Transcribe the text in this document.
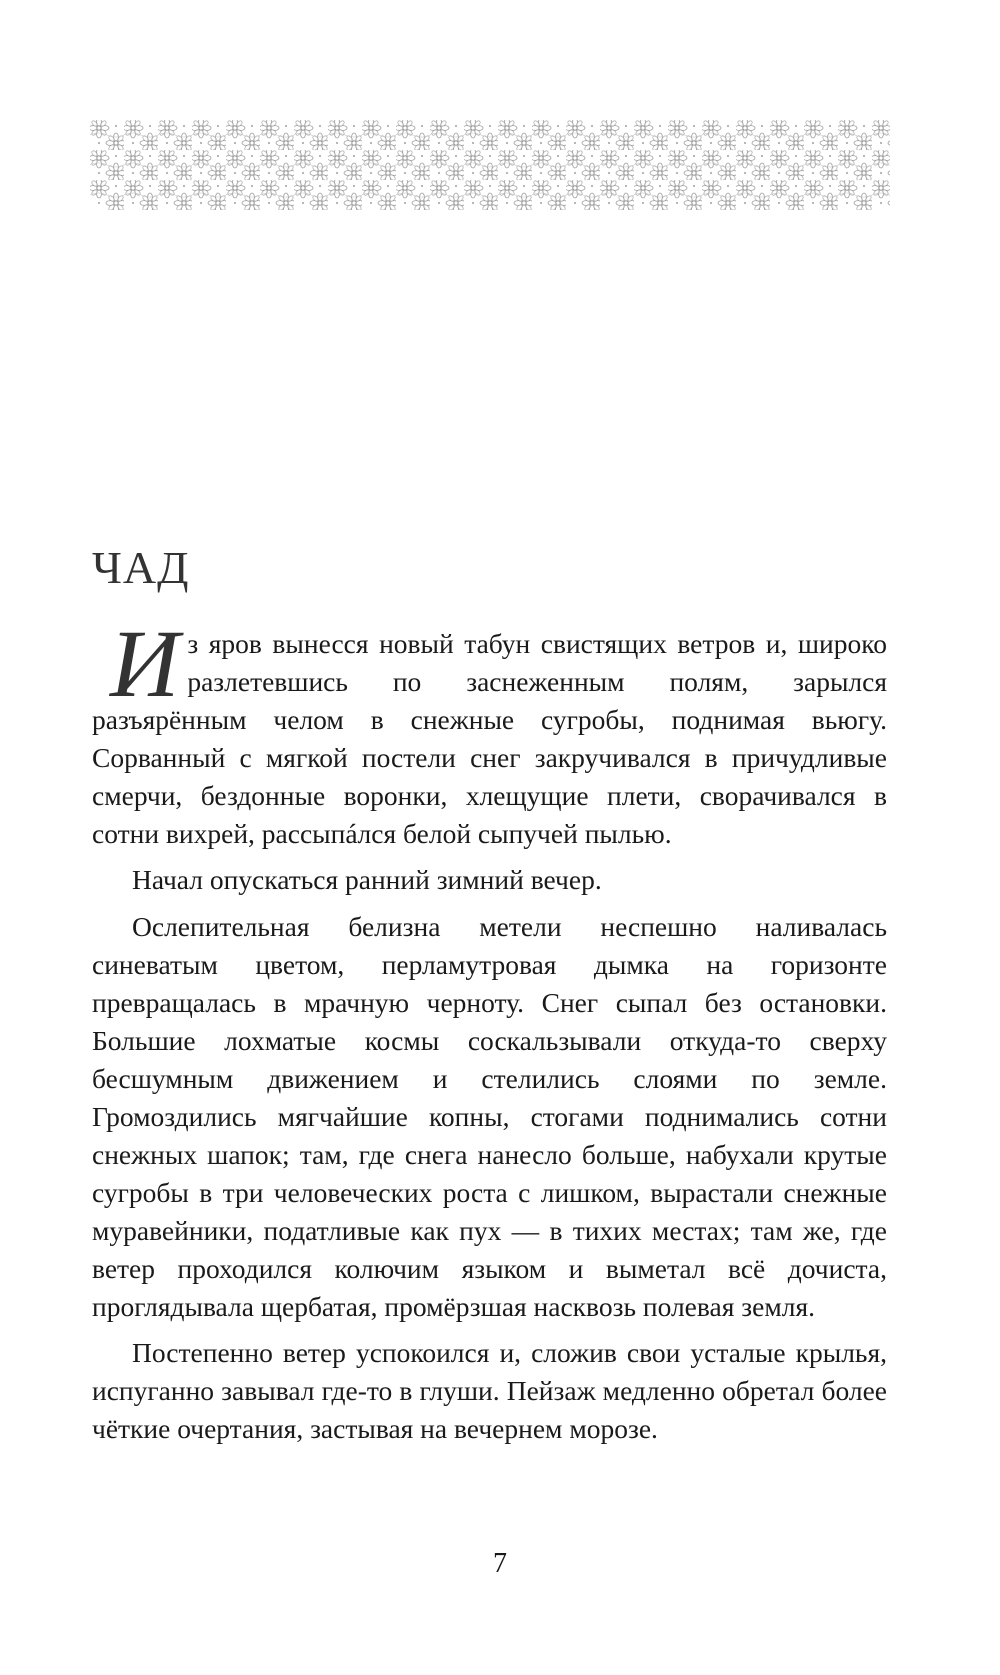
ЧАД

Из яров вынесся новый табун свистящих ветров и, широко разлетевшись по заснеженным полям, зарылся разъярённым челом в снежные сугробы, поднимая вьюгу. Сорванный с мягкой постели снег закручивался в причудливые смерчи, бездонные воронки, хлещущие плети, сворачивался в сотни вихрей, рассыпáлся белой сыпучей пылью.

Начал опускаться ранний зимний вечер.

Ослепительная белизна метели неспешно наливалась синеватым цветом, перламутровая дымка на горизонте превращалась в мрачную черноту. Снег сыпал без остановки. Большие лохматые космы соскальзывали откуда-то сверху бесшумным движением и стелились слоями по земле. Громоздились мягчайшие копны, стогами поднимались сотни снежных шапок; там, где снега нанесло больше, набухали крутые сугробы в три человеческих роста с лишком, вырастали снежные муравейники, податливые как пух — в тихих местах; там же, где ветер проходился колючим языком и выметал всё дочиста, проглядывала щербатая, промёрзшая насквозь полевая земля.

Постепенно ветер успокоился и, сложив свои усталые крылья, испуганно завывал где-то в глуши. Пейзаж медленно обретал более чёткие очертания, застывая на вечернем морозе.

7
